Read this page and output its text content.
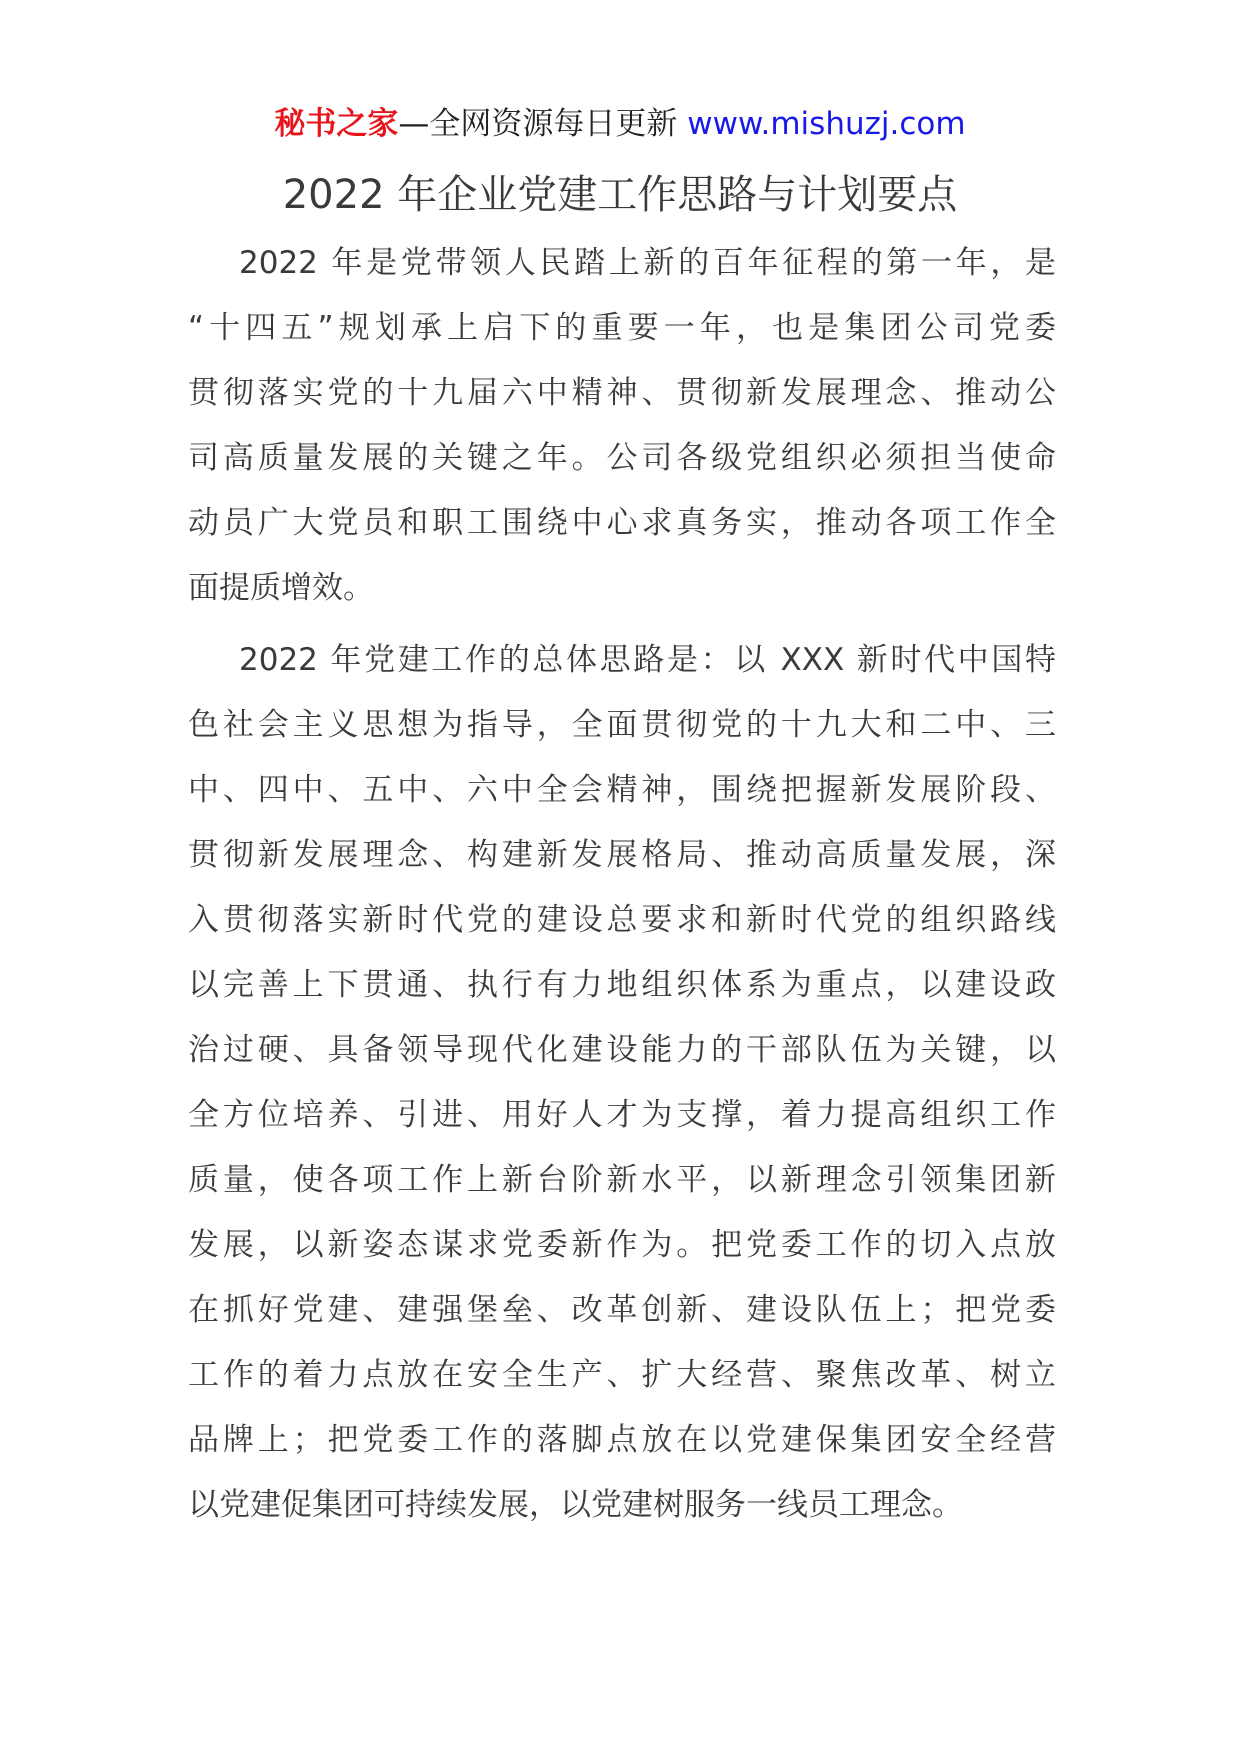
秘书之家—全网资源每日更新 www.mishuzj.com
2022 年企业党建工作思路与计划要点
2022 年是党带领人民踏上新的百年征程的第一年，是
“十四五”规划承上启下的重要一年，也是集团公司党委
贯彻落实党的十九届六中精神、贯彻新发展理念、推动公
司高质量发展的关键之年。公司各级党组织必须担当使命
动员广大党员和职工围绕中心求真务实，推动各项工作全
面提质增效。
2022 年党建工作的总体思路是：以 XXX 新时代中国特
色社会主义思想为指导，全面贯彻党的十九大和二中、三
中、四中、五中、六中全会精神，围绕把握新发展阶段、
贯彻新发展理念、构建新发展格局、推动高质量发展，深
入贯彻落实新时代党的建设总要求和新时代党的组织路线
以完善上下贯通、执行有力地组织体系为重点，以建设政
治过硬、具备领导现代化建设能力的干部队伍为关键，以
全方位培养、引进、用好人才为支撑，着力提高组织工作
质量，使各项工作上新台阶新水平，以新理念引领集团新
发展，以新姿态谋求党委新作为。把党委工作的切入点放
在抓好党建、建强堡垒、改革创新、建设队伍上；把党委
工作的着力点放在安全生产、扩大经营、聚焦改革、树立
品牌上；把党委工作的落脚点放在以党建保集团安全经营
以党建促集团可持续发展，以党建树服务一线员工理念。
